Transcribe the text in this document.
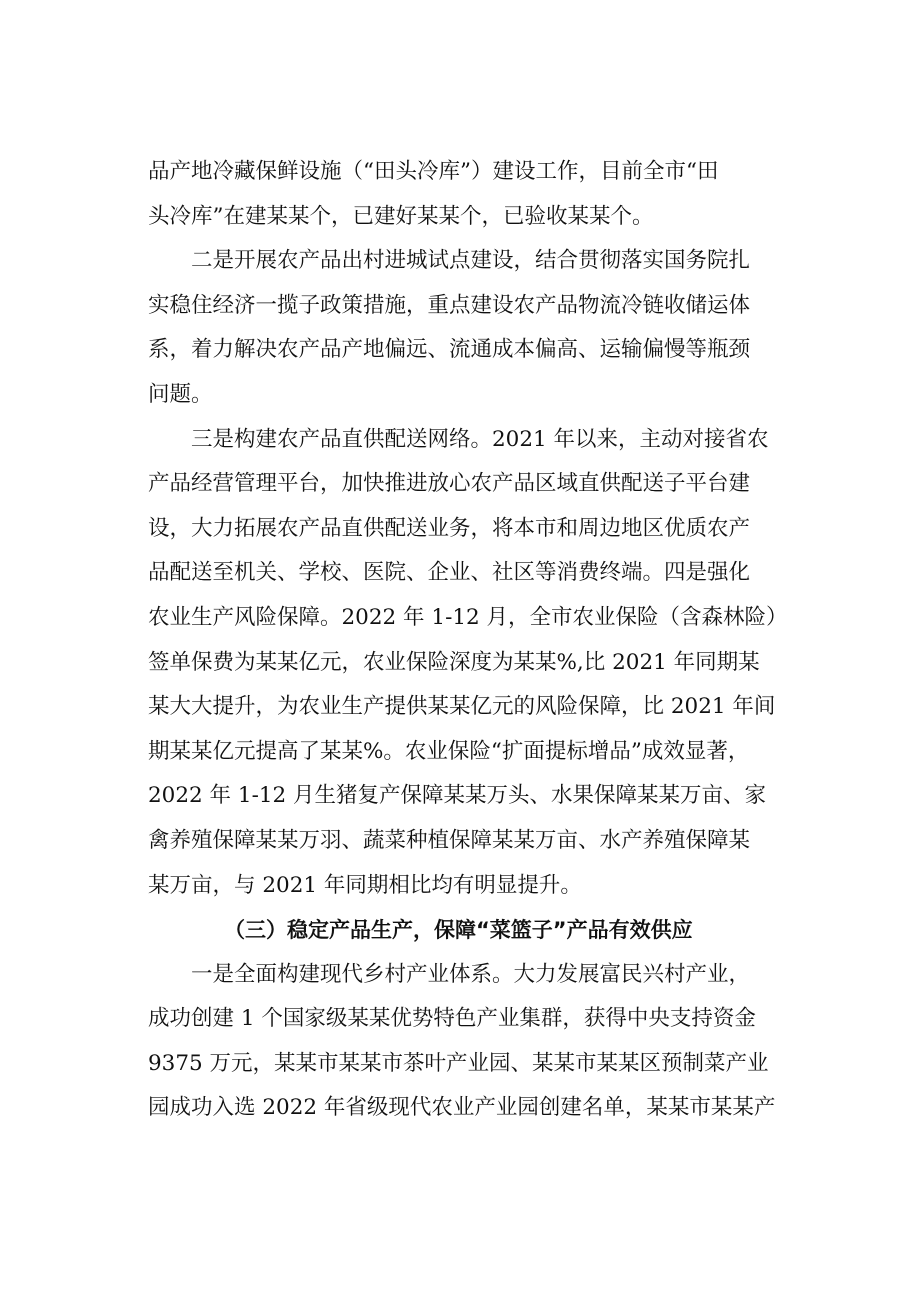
品产地冷藏保鲜设施（“田头冷库”）建设工作，目前全市“田
头冷库”在建某某个，已建好某某个，已验收某某个。
二是开展农产品出村进城试点建设，结合贯彻落实国务院扎
实稳住经济一揽子政策措施，重点建设农产品物流冷链收储运体
系，着力解决农产品产地偏远、流通成本偏高、运输偏慢等瓶颈
问题。
三是构建农产品直供配送网络。2021 年以来，主动对接省农
产品经营管理平台，加快推进放心农产品区域直供配送子平台建
设，大力拓展农产品直供配送业务，将本市和周边地区优质农产
品配送至机关、学校、医院、企业、社区等消费终端。四是强化
农业生产风险保障。2022 年 1-12 月，全市农业保险（含森林险）
签单保费为某某亿元，农业保险深度为某某%,比 2021 年同期某
某大大提升，为农业生产提供某某亿元的风险保障，比 2021 年间
期某某亿元提高了某某%。农业保险“扩面提标增品”成效显著，
2022 年 1-12 月生猪复产保障某某万头、水果保障某某万亩、家
禽养殖保障某某万羽、蔬菜种植保障某某万亩、水产养殖保障某
某万亩，与 2021 年同期相比均有明显提升。
（三）稳定产品生产，保障“菜篮子”产品有效供应
一是全面构建现代乡村产业体系。大力发展富民兴村产业，
成功创建 1 个国家级某某优势特色产业集群，获得中央支持资金
9375 万元，某某市某某市茶叶产业园、某某市某某区预制菜产业
园成功入选 2022 年省级现代农业产业园创建名单，某某市某某产
